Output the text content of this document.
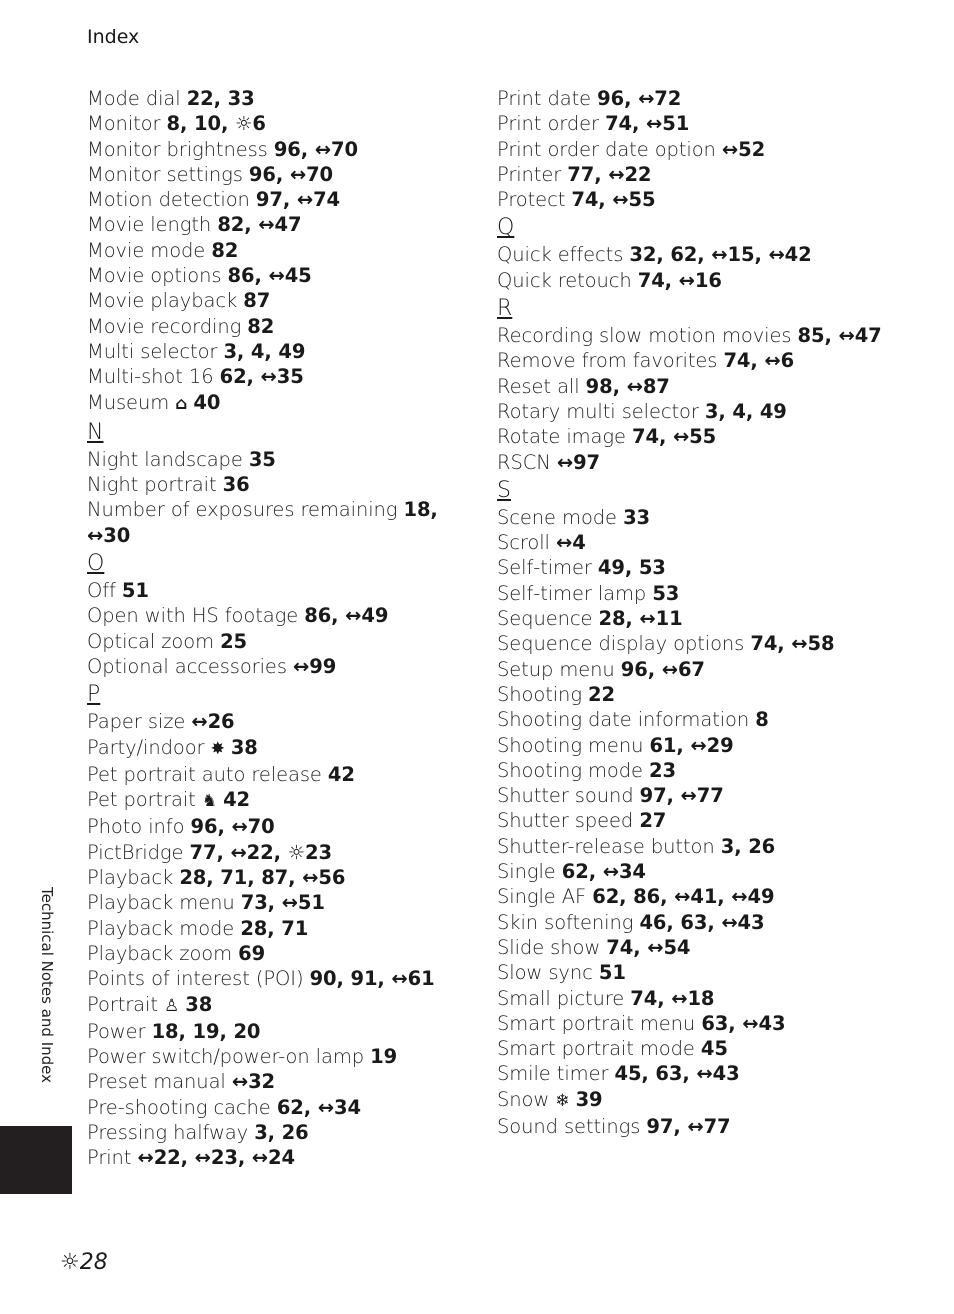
Index
Mode dial 22, 33
Monitor 8, 10, ☼6
Monitor brightness 96, ↔70
Monitor settings 96, ↔70
Motion detection 97, ↔74
Movie length 82, ↔47
Movie mode 82
Movie options 86, ↔45
Movie playback 87
Movie recording 82
Multi selector 3, 4, 49
Multi-shot 16 62, ↔35
Museum ⌂ 40
N
Night landscape 35
Night portrait 36
Number of exposures remaining 18, ↔30
O
Off 51
Open with HS footage 86, ↔49
Optical zoom 25
Optional accessories ↔99
P
Paper size ↔26
Party/indoor ✸ 38
Pet portrait auto release 42
Pet portrait ♞ 42
Photo info 96, ↔70
PictBridge 77, ↔22, ☼23
Playback 28, 71, 87, ↔56
Playback menu 73, ↔51
Playback mode 28, 71
Playback zoom 69
Points of interest (POI) 90, 91, ↔61
Portrait ♙ 38
Power 18, 19, 20
Power switch/power-on lamp 19
Preset manual ↔32
Pre-shooting cache 62, ↔34
Pressing halfway 3, 26
Print ↔22, ↔23, ↔24
Print date 96, ↔72
Print order 74, ↔51
Print order date option ↔52
Printer 77, ↔22
Protect 74, ↔55
Q
Quick effects 32, 62, ↔15, ↔42
Quick retouch 74, ↔16
R
Recording slow motion movies 85, ↔47
Remove from favorites 74, ↔6
Reset all 98, ↔87
Rotary multi selector 3, 4, 49
Rotate image 74, ↔55
RSCN ↔97
S
Scene mode 33
Scroll ↔4
Self-timer 49, 53
Self-timer lamp 53
Sequence 28, ↔11
Sequence display options 74, ↔58
Setup menu 96, ↔67
Shooting 22
Shooting date information 8
Shooting menu 61, ↔29
Shooting mode 23
Shutter sound 97, ↔77
Shutter speed 27
Shutter-release button 3, 26
Single 62, ↔34
Single AF 62, 86, ↔41, ↔49
Skin softening 46, 63, ↔43
Slide show 74, ↔54
Slow sync 51
Small picture 74, ↔18
Smart portrait menu 63, ↔43
Smart portrait mode 45
Smile timer 45, 63, ↔43
Snow ❄ 39
Sound settings 97, ↔77
Technical Notes and Index
☼28
